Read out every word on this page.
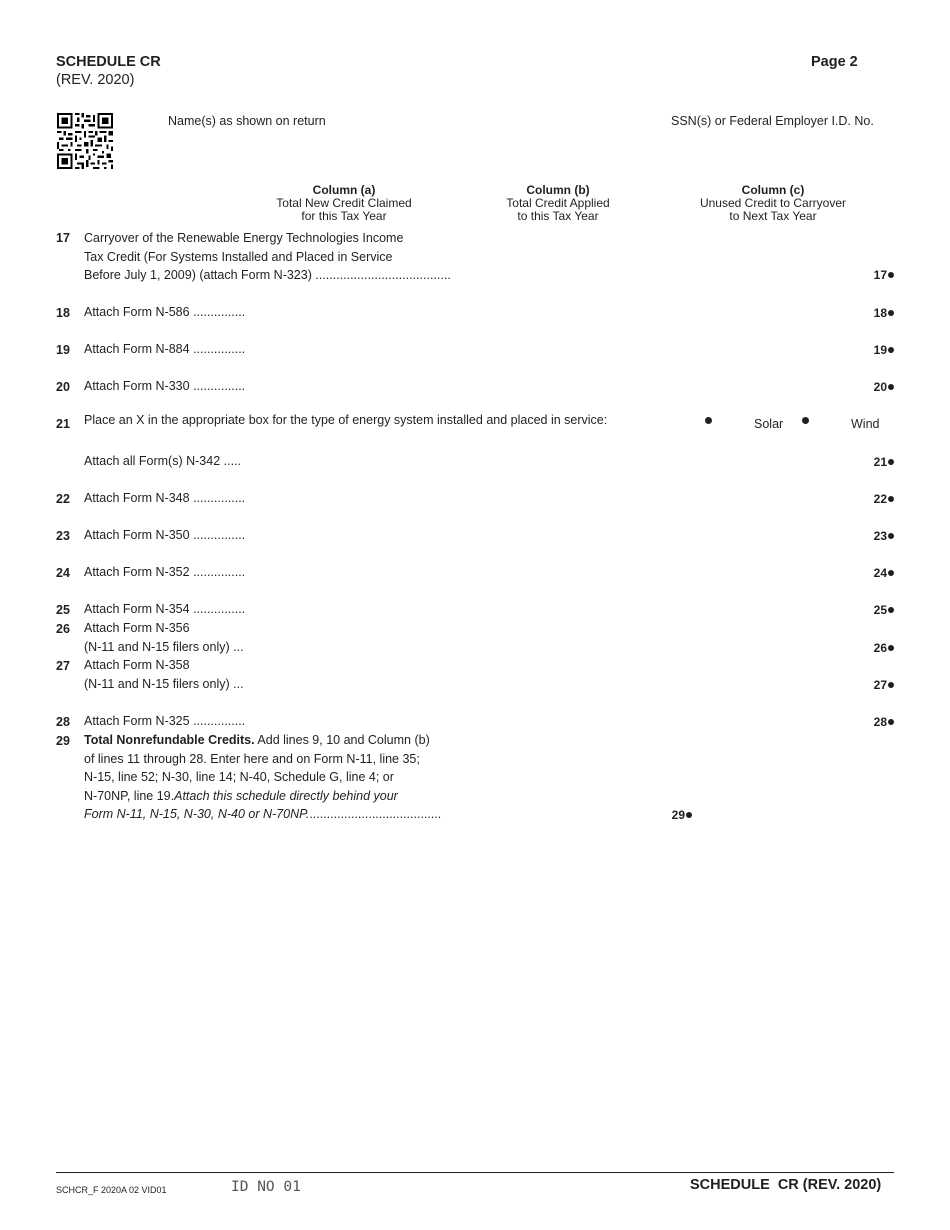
SCHEDULE CR
(REV. 2020)
Page 2
Name(s) as shown on return	SSN(s) or Federal Employer I.D. No.
Column (a)
Total New Credit Claimed
for this Tax Year
Column (b)
Total Credit Applied
to this Tax Year
Column (c)
Unused Credit to Carryover
to Next Tax Year
17 Carryover of the Renewable Energy Technologies Income
Tax Credit (For Systems Installed and Placed in Service
Before July 1, 2009) (attach Form N-323) .......................................	17
18 Attach Form N-586 ...............	18
19 Attach Form N-884 ...............	19
20 Attach Form N-330 ...............	20
21 Place an X in the appropriate box for the type of energy system installed and placed in service:	Solar	Wind
Attach all Form(s) N-342 .....	21
22 Attach Form N-348 ...............	22
23 Attach Form N-350 ...............	23
24 Attach Form N-352 ...............	24
25 Attach Form N-354 ...............	25
26 Attach Form N-356
(N-11 and N-15 filers only) ...	26
27 Attach Form N-358
(N-11 and N-15 filers only) ...	27
28 Attach Form N-325 ...............	28
29 Total Nonrefundable Credits. Add lines 9, 10 and Column (b)
of lines 11 through 28. Enter here and on Form N-11, line 35;
N-15, line 52; N-30, line 14; N-40, Schedule G, line 4; or
N-70NP, line 19.Attach this schedule directly behind your
Form N-11, N-15, N-30, N-40 or N-70NP.......................................	29
SCHCR_F 2020A 02 VID01	ID NO 01	SCHEDULE  CR (REV. 2020)
